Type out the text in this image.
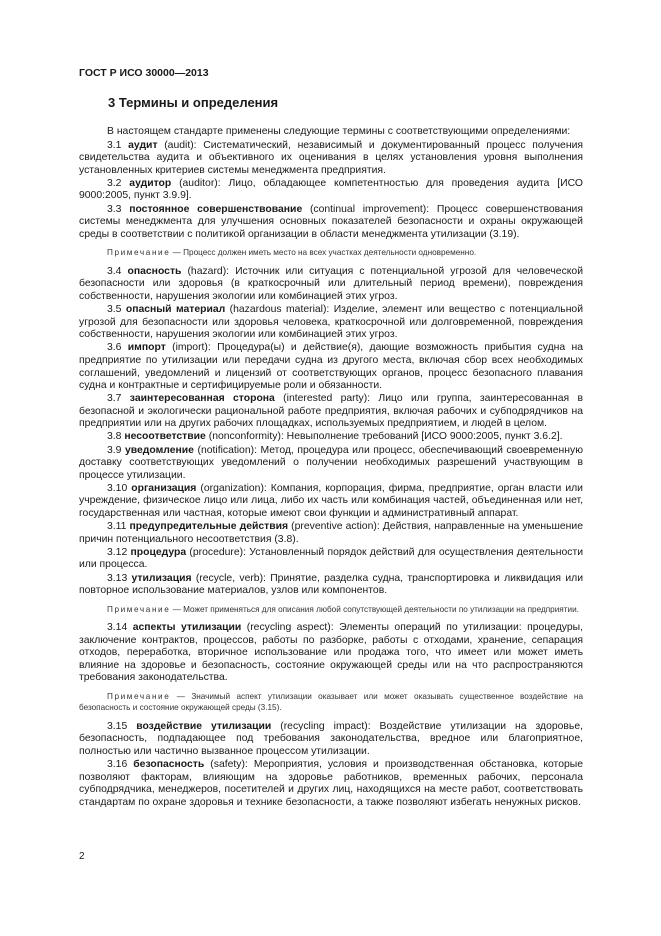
ГОСТ Р ИСО 30000—2013
3 Термины и определения

В настоящем стандарте применены следующие термины с соответствующими определениями:

3.1 аудит (audit): Систематический, независимый и документированный процесс получения свидетельства аудита и объективного их оценивания в целях установления уровня выполнения установленных критериев системы менеджмента предприятия.

3.2 аудитор (auditor): Лицо, обладающее компетентностью для проведения аудита [ИСО 9000:2005, пункт 3.9.9].

3.3 постоянное совершенствование (continual improvement): Процесс совершенствования системы менеджмента для улучшения основных показателей безопасности и охраны окружающей среды в соответствии с политикой организации в области менеджмента утилизации (3.19).

Примечание — Процесс должен иметь место на всех участках деятельности одновременно.

3.4 опасность (hazard): Источник или ситуация с потенциальной угрозой для человеческой безопасности или здоровья (в краткосрочный или длительный период времени), повреждения собственности, нарушения экологии или комбинацией этих угроз.

3.5 опасный материал (hazardous material): Изделие, элемент или вещество с потенциальной угрозой для безопасности или здоровья человека, краткосрочной или долговременной, повреждения собственности, нарушения экологии или комбинацией этих угроз.

3.6 импорт (import): Процедура(ы) и действие(я), дающие возможность прибытия судна на предприятие по утилизации или передачи судна из другого места, включая сбор всех необходимых соглашений, уведомлений и лицензий от соответствующих органов, процесс безопасного плавания судна и контрактные и сертифицируемые роли и обязанности.

3.7 заинтересованная сторона (interested party): Лицо или группа, заинтересованная в безопасной и экологически рациональной работе предприятия, включая рабочих и субподрядчиков на предприятии или на других рабочих площадках, используемых предприятием, и людей в целом.

3.8 несоответствие (nonconformity): Невыполнение требований [ИСО 9000:2005, пункт 3.6.2].

3.9 уведомление (notification): Метод, процедура или процесс, обеспечивающий своевременную доставку соответствующих уведомлений о получении необходимых разрешений участвующим в процессе утилизации.

3.10 организация (organization): Компания, корпорация, фирма, предприятие, орган власти или учреждение, физическое лицо или лица, либо их часть или комбинация частей, объединенная или нет, государственная или частная, которые имеют свои функции и административный аппарат.

3.11 предупредительные действия (preventive action): Действия, направленные на уменьшение причин потенциального несоответствия (3.8).

3.12 процедура (procedure): Установленный порядок действий для осуществления деятельности или процесса.

3.13 утилизация (recycle, verb): Принятие, разделка судна, транспортировка и ликвидация или повторное использование материалов, узлов или компонентов.

Примечание — Может применяться для описания любой сопутствующей деятельности по утилизации на предприятии.

3.14 аспекты утилизации (recycling aspect): Элементы операций по утилизации: процедуры, заключение контрактов, процессов, работы по разборке, работы с отходами, хранение, сепарация отходов, переработка, вторичное использование или продажа того, что имеет или может иметь влияние на здоровье и безопасность, состояние окружающей среды или на что распространяются требования законодательства.

Примечание — Значимый аспект утилизации оказывает или может оказывать существенное воздействие на безопасность и состояние окружающей среды (3.15).

3.15 воздействие утилизации (recycling impact): Воздействие утилизации на здоровье, безопасность, подпадающее под требования законодательства, вредное или благоприятное, полностью или частично вызванное процессом утилизации.

3.16 безопасность (safety): Мероприятия, условия и производственная обстановка, которые позволяют факторам, влияющим на здоровье работников, временных рабочих, персонала субподрядчика, менеджеров, посетителей и других лиц, находящихся на месте работ, соответствовать стандартам по охране здоровья и технике безопасности, а также позволяют избегать ненужных рисков.

2
